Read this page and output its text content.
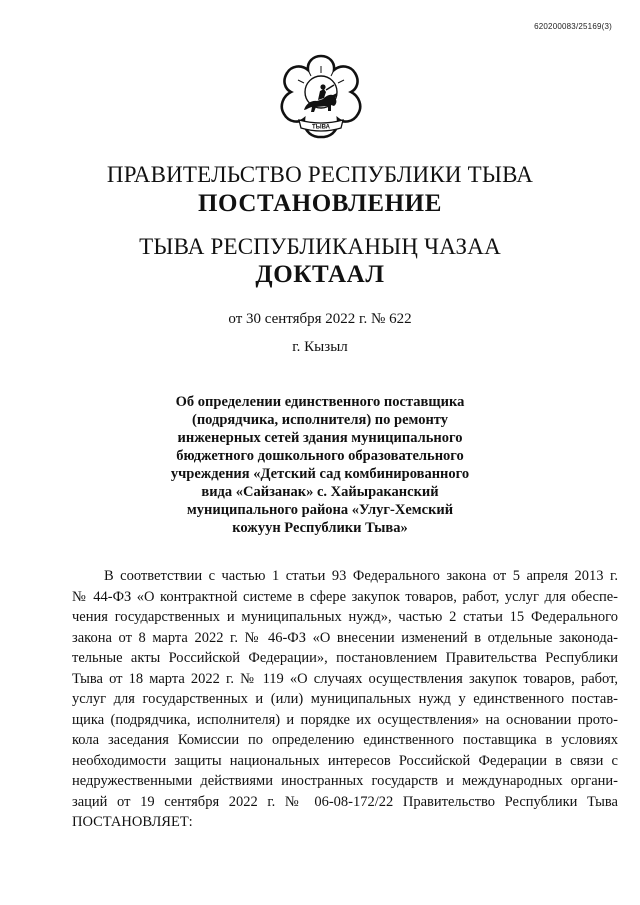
620200083/25169(3)
ТЫВА
ПРАВИТЕЛЬСТВО РЕСПУБЛИКИ ТЫВА
ПОСТАНОВЛЕНИЕ
ТЫВА РЕСПУБЛИКАНЫҢ ЧАЗАА
ДОКТААЛ
от 30 сентября 2022 г. № 622
г. Кызыл
Об определении единственного поставщика
(подрядчика, исполнителя) по ремонту
инженерных сетей здания муниципального
бюджетного дошкольного образовательного
учреждения «Детский сад комбинированного
вида «Сайзанак» с. Хайыраканский
муниципального района «Улуг-Хемский
кожуун Республики Тыва»
В соответствии с частью 1 статьи 93 Федерального закона от 5 апреля 2013 г.
№ 44-ФЗ «О контрактной системе в сфере закупок товаров, работ, услуг для обеспе-
чения государственных и муниципальных нужд», частью 2 статьи 15 Федерального
закона от 8 марта 2022 г. № 46-ФЗ «О внесении изменений в отдельные законода-
тельные акты Российской Федерации», постановлением Правительства Республики
Тыва от 18 марта 2022 г. № 119 «О случаях осуществления закупок товаров, работ,
услуг для государственных и (или) муниципальных нужд у единственного постав-
щика (подрядчика, исполнителя) и порядке их осуществления» на основании прото-
кола заседания Комиссии по определению единственного поставщика в условиях
необходимости защиты национальных интересов Российской Федерации в связи с
недружественными действиями иностранных государств и международных органи-
заций от 19 сентября 2022 г. № 06-08-172/22 Правительство Республики Тыва
ПОСТАНОВЛЯЕТ:
